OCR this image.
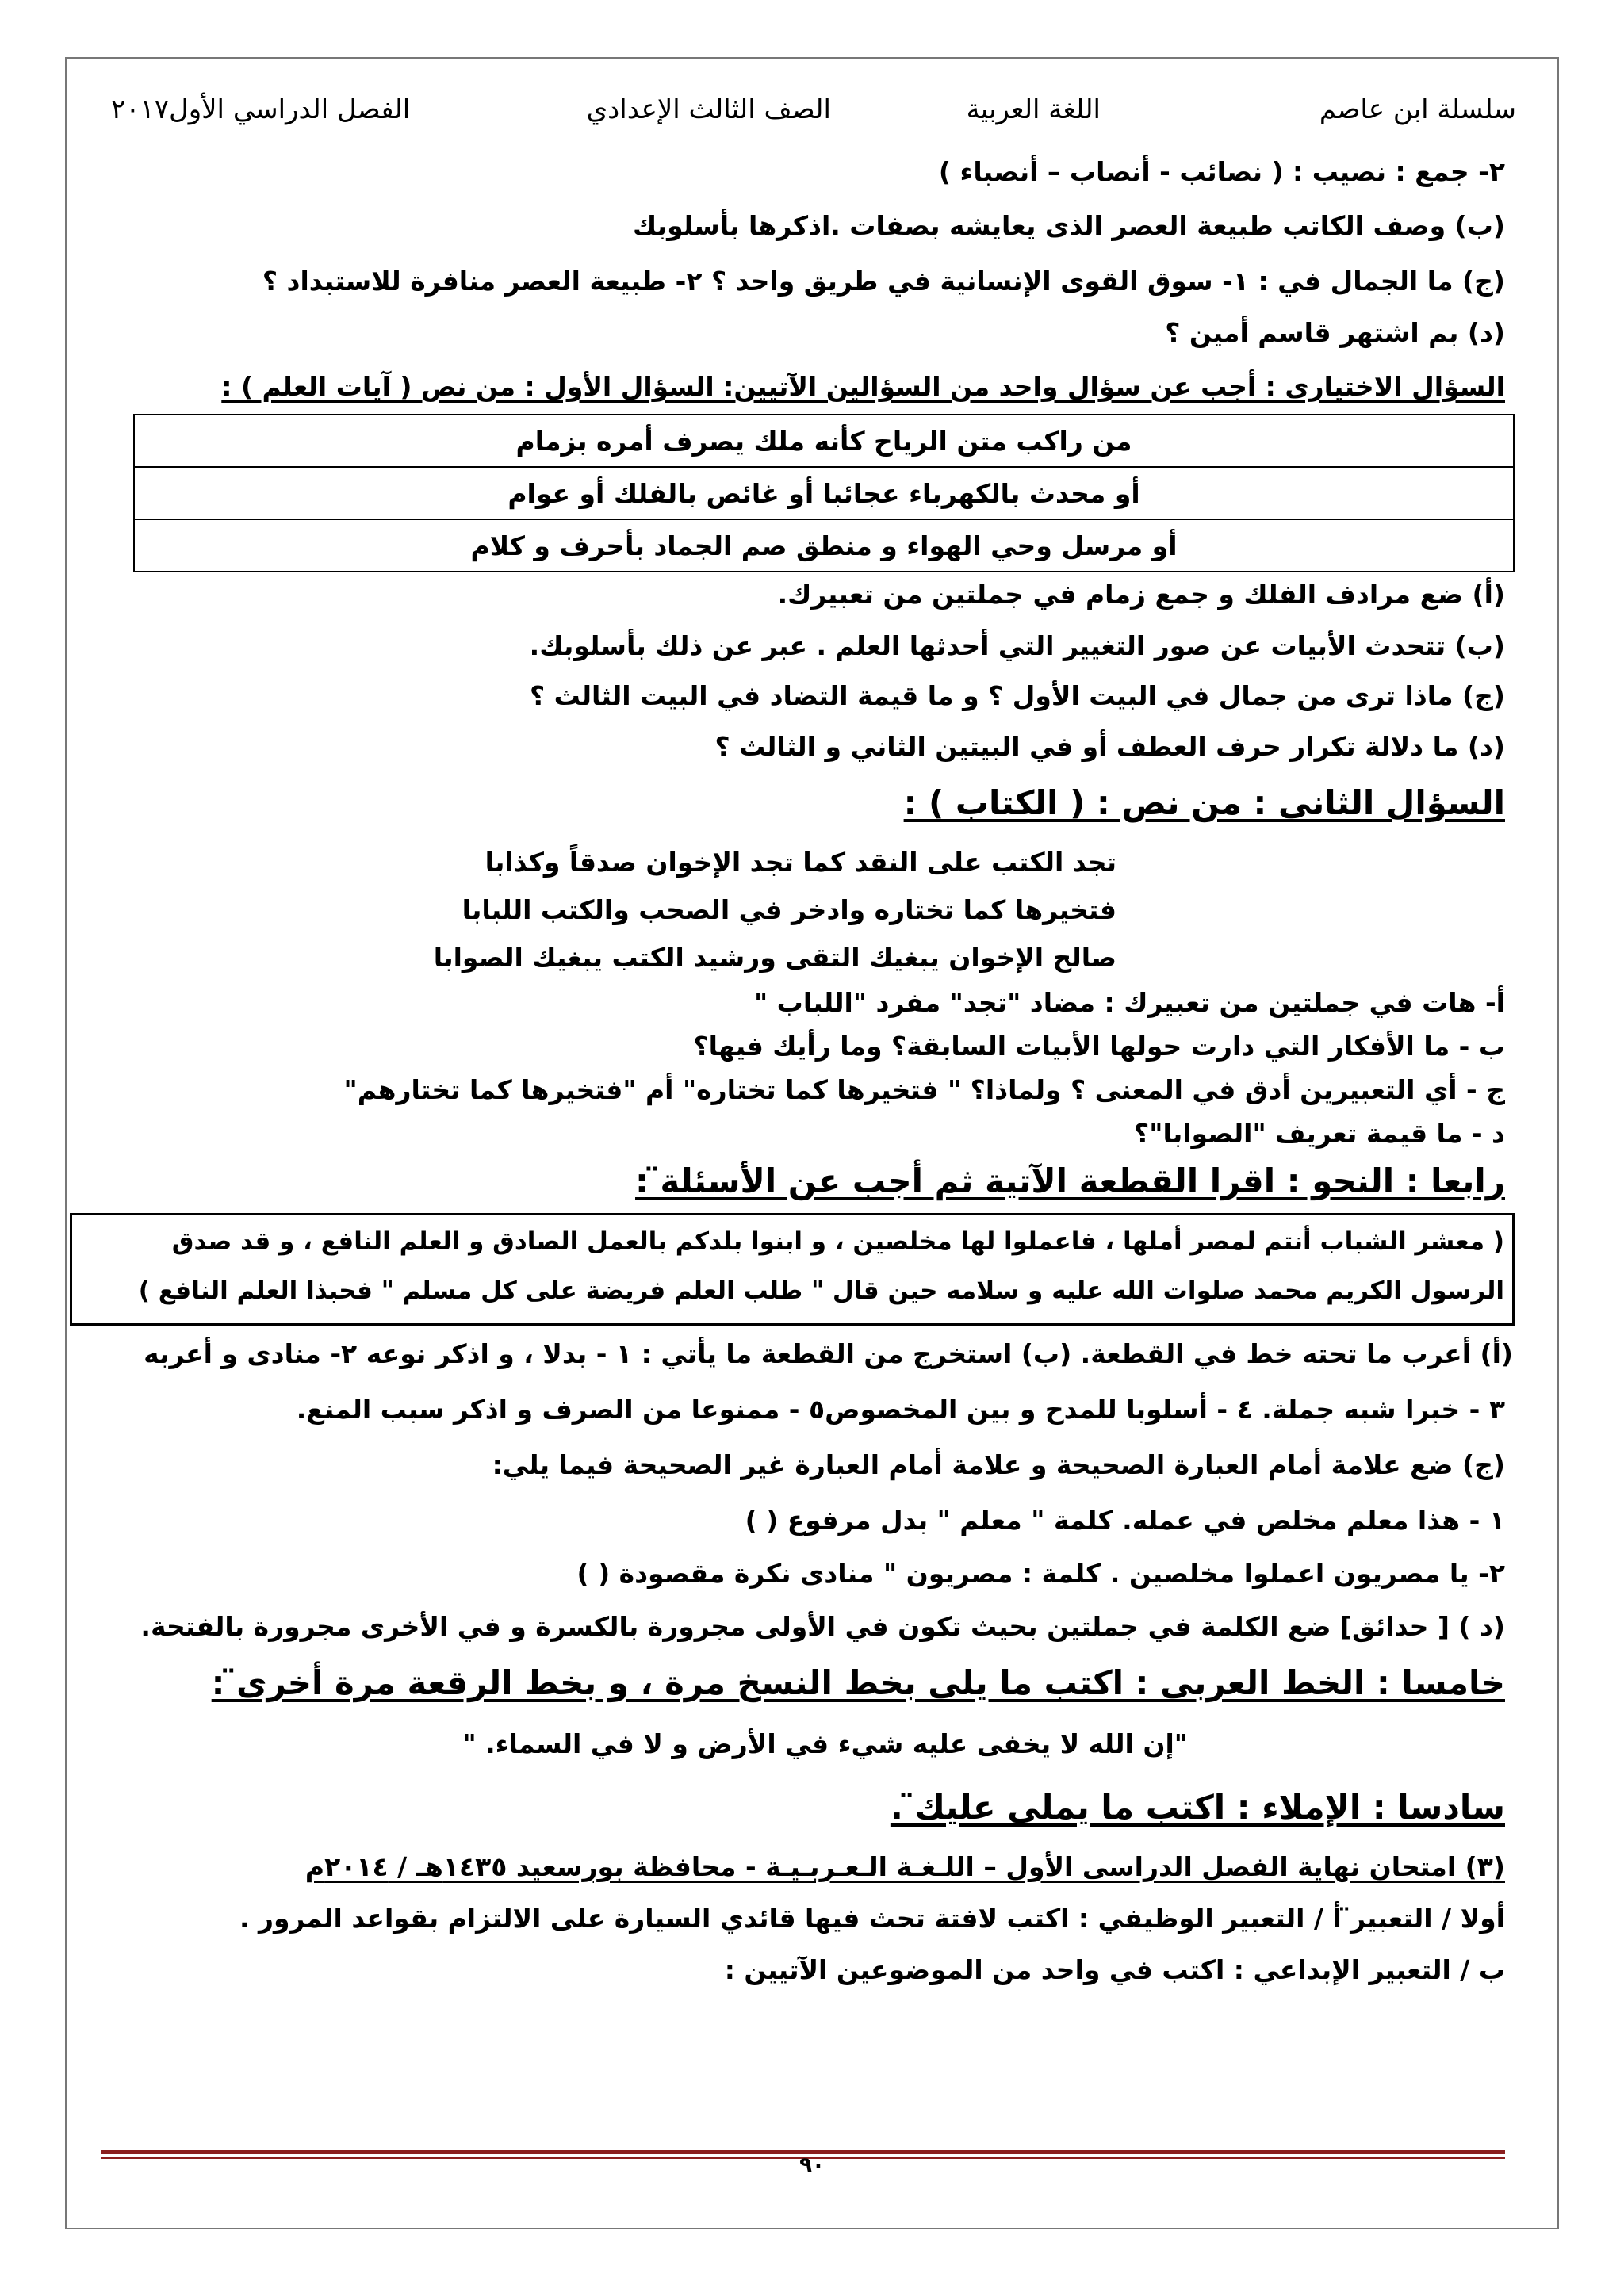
سلسلة ابن عاصم
اللغة العربية
الصف الثالث الإعدادي
الفصل الدراسي الأول٢٠١٧
٢- جمع : نصيب : ( نصائب - أنصاب – أنصباء )
(ب) وصف الكاتب طبيعة العصر الذى يعايشه بصفات .اذكرها بأسلوبك
(ج) ما الجمال في : ١- سوق القوى الإنسانية في طريق واحد ؟ ٢- طبيعة العصر منافرة للاستبداد ؟
(د) بم اشتهر قاسم أمين ؟
السؤال الاختيارى : أجب عن سؤال واحد من السؤالين الآتيين: السؤال الأول : من نص ( آيات العلم ) :
من راكب متن الرياح كأنه ملك يصرف أمره بزمام
أو محدث بالكهرباء عجائبا أو غائص بالفلك أو عوام
أو مرسل وحي الهواء و منطق صم الجماد بأحرف و كلام
(أ) ضع مرادف الفلك و جمع زمام في جملتين من تعبيرك.
(ب) تتحدث الأبيات عن صور التغيير التي أحدثها العلم . عبر عن ذلك بأسلوبك.
(ج) ماذا ترى من جمال في البيت الأول ؟ و ما قيمة التضاد في البيت الثالث ؟
(د) ما دلالة تكرار حرف العطف أو في البيتين الثاني و الثالث ؟
السؤال الثانى : من نص : ( الكتاب ) :
تجد الكتب على النقد كما تجد الإخوان صدقاً وكذابا
فتخيرها كما تختاره وادخر في الصحب والكتب اللبابا
صالح الإخوان يبغيك التقى ورشيد الكتب يبغيك الصوابا
أ- هات في جملتين من تعبيرك : مضاد "تجد" مفرد "اللباب "
ب - ما الأفكار التي دارت حولها الأبيات السابقة؟ وما رأيك فيها؟
ج - أي التعبيرين أدق في المعنى ؟ ولماذا؟ " فتخيرها كما تختاره" أم "فتخيرها كما تختارهم"
د - ما قيمة تعريف "الصوابا"؟
رابعا : النحو : اقرا القطعة الآتية ثم أجب عن الأسئلة̈ :
( معشر الشباب أنتم لمصر أملها ، فاعملوا لها مخلصين ، و ابنوا بلدكم بالعمل الصادق و العلم النافع ، و قد صدق
الرسول الكريم محمد صلوات الله عليه و سلامه حين قال " طلب العلم فريضة على كل مسلم " فحبذا العلم النافع )
(أ) أعرب ما تحته خط في القطعة. (ب) استخرج من القطعة ما يأتي : ١ - بدلا ، و اذكر نوعه ٢- منادى و أعربه
٣ - خبرا شبه جملة. ٤ - أسلوبا للمدح و بين المخصوص٥ - ممنوعا من الصرف و اذكر سبب المنع.
(ج) ضع علامة أمام العبارة الصحيحة و علامة أمام العبارة غير الصحيحة فيما يلي:
١ - هذا معلم مخلص في عمله. كلمة " معلم " بدل مرفوع ( )
٢- يا مصريون اعملوا مخلصين . كلمة : مصريون " منادى نكرة مقصودة ( )
(د ) [ حدائق] ضع الكلمة في جملتين بحيث تكون في الأولى مجرورة بالكسرة و في الأخرى مجرورة بالفتحة.
خامسا : الخط العربى : اكتب ما يلى بخط النسخ مرة ، و بخط الرقعة مرة أخرى̈ :
"إن الله لا يخفى عليه شيء في الأرض و لا في السماء. "
سادسا : الإملاء : اكتب ما يملى عليك̈ .
(٣) امتحان نهاية الفصل الدراسى الأول – اللـغـة الـعـربـيـة - محافظة بورسعيد ١٤٣٥هـ / ٢٠١٤م
أولا / التعبير̈ أ / التعبير الوظيفي : اكتب لافتة تحث فيها قائدي السيارة على الالتزام بقواعد المرور .
ب / التعبير الإبداعي : اكتب في واحد من الموضوعين الآتيين :
٩٠
